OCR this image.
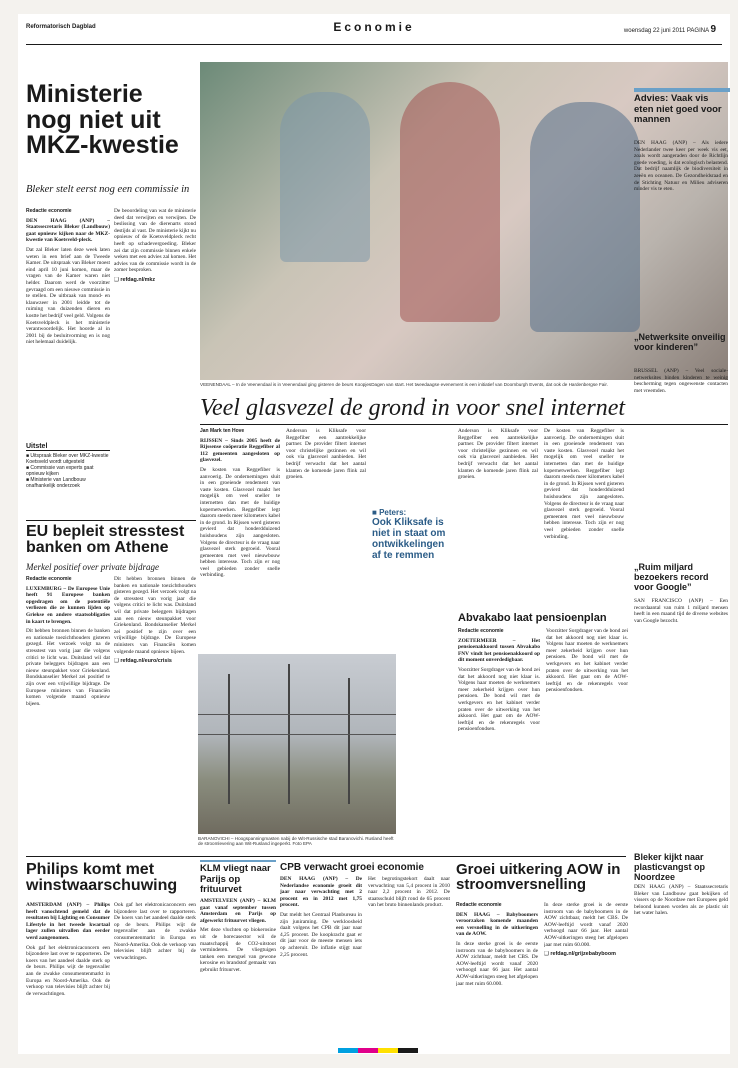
Reformatorisch Dagblad	Economie	woensdag 22 juni 2011 PAGINA 9
Ministerie nog niet uit MKZ-kwestie
Bleker stelt eerst nog een commissie in

Redactie economie

DEN HAAG (ANP) – Staatssecretaris Bleker (Landbouw) gaat opnieuw kijken naar de MKZ-kwestie van Koetsveld-pleck.

Dat zal Bleker laten deze week laten weten in een brief aan de Tweede Kamer. De uitspraak van Bleker moest eind april 10 juni komen, maar de vragen van de Kamer waren niet helder. Daarom werd de voorzitter gevraagd om een nieuwe commissie in te stellen. De uitbraak van mond- en klauwzeer in 2001 leidde tot de ruiming van duizenden dieren en kostte het bedrijf veel geld. Volgens de Koetsveldpleck is het ministerie verantwoordelijk. Het hoorde al in 2001 bij de besluitvorming en is nog niet helemaal duidelijk.

Uitstel
■ Uitspraak Bleker over MKZ-kwestie Koetsveld wordt uitgesteld
■ Commissie van experts gaat opnieuw kijken
■ Ministerie van Landbouw onafhankelijk onderzoek

De beoordeling van wat de ministerie deed dat verwijten en verwijten. De beslissing van de dierenarts stond destijds al vast. De ministerie kijkt nu opnieuw of de Koetsveldpleck recht heeft op schadevergoeding. Bleker zei dat zijn commissie binnen enkele weken met een advies zal komen. Het advies van de commissie wordt in de zomer besproken.

❑ refdag.nl/mkz

VEENENDAAL – In de Veenendaal is in Veenendaal ging gisteren de beurs KoopjesDagen van start. Het tweedaagse evenement is een initiatief van Doornburgh Events, dat ook de Hardenbergse Fair.
Veel glasvezel de grond in voor snel internet

Jan Mark ten Hove

RIJSSEN – Sinds 2005 heeft de Rijssense coöperatie Reggefiber al 112 gemeenten aangesloten op glasvezel.

De kosten van Reggefiber is aanvoerig. De ondernemingen sluit in een groeiende rendement van vaste kosten. Glasvezel maakt het mogelijk om veel sneller te internetten dan met de huidige kopernetwerken. Reggefiber legt daarom steeds meer kilometers kabel in de grond. In Rijssen werd gisteren gevierd dat honderdduizend huishoudens zijn aangesloten. Volgens de directeur is de vraag naar glasvezel sterk gegroeid. Vooral gemeenten met veel nieuwbouw hebben interesse. Toch zijn er nog veel gebieden zonder snelle verbinding.

Anderson is Kliksafe voor Reggefiber een aantrekkelijke partner. De provider filtert internet voor christelijke gezinnen en wil ook via glasvezel aanbieden. Het bedrijf verwacht dat het aantal klanten de komende jaren flink zal groeien.

■ Peters:
Ook Kliksafe is niet in staat om ontwikkelingen af te remmen

Anderson is Kliksafe voor Reggefiber een aantrekkelijke partner. De provider filtert internet voor christelijke gezinnen en wil ook via glasvezel aanbieden. Het bedrijf verwacht dat het aantal klanten de komende jaren flink zal groeien.

De kosten van Reggefiber is aanvoerig. De ondernemingen sluit in een groeiende rendement van vaste kosten. Glasvezel maakt het mogelijk om veel sneller te internetten dan met de huidige kopernetwerken. Reggefiber legt daarom steeds meer kilometers kabel in de grond. In Rijssen werd gisteren gevierd dat honderdduizend huishoudens zijn aangesloten. Volgens de directeur is de vraag naar glasvezel sterk gegroeid. Vooral gemeenten met veel nieuwbouw hebben interesse. Toch zijn er nog veel gebieden zonder snelle verbinding.

Abvakabo laat pensioenplan

Redactie economie

ZOETERMEER – Het pensioenakkoord tussen Abvakabo FNV vindt het pensioenakkoord op dit moment onverdedigbaar.

Voorzitter Sorgdrager van de bond zei dat het akkoord nog niet klaar is. Volgens haar moeten de werknemers meer zekerheid krijgen over hun pensioen. De bond wil met de werkgevers en het kabinet verder praten over de uitwerking van het akkoord. Het gaat om de AOW-leeftijd en de rekenregels voor pensioenfondsen.

Voorzitter Sorgdrager van de bond zei dat het akkoord nog niet klaar is. Volgens haar moeten de werknemers meer zekerheid krijgen over hun pensioen. De bond wil met de werkgevers en het kabinet verder praten over de uitwerking van het akkoord. Het gaat om de AOW-leeftijd en de rekenregels voor pensioenfondsen.

BARANOVICHI – Hoogspanningmasten nabij de Wit-Russische stad Baranovichi. Rusland heeft de stroomlevering aan Wit-Rusland ingeperkt. Foto EPA
EU bepleit stresstest banken om Athene
Merkel positief over private bijdrage

Redactie economie

LUXEMBURG – De Europese Unie heeft 91 Europese banken opgedragen om de potentiële verliezen die ze kunnen lijden op Griekse en andere staatsobligaties in kaart te brengen.

Dit hebben bronnen binnen de banken en nationale toezichthouders gisteren gezegd. Het verzoek volgt na de stresstest van vorig jaar die volgens critici te licht was. Duitsland wil dat private beleggers bijdragen aan een nieuw steunpakket voor Griekenland. Bondskanselier Merkel zei positief te zijn over een vrijwillige bijdrage. De Europese ministers van Financiën komen volgende maand opnieuw bijeen.

Dit hebben bronnen binnen de banken en nationale toezichthouders gisteren gezegd. Het verzoek volgt na de stresstest van vorig jaar die volgens critici te licht was. Duitsland wil dat private beleggers bijdragen aan een nieuw steunpakket voor Griekenland. Bondskanselier Merkel zei positief te zijn over een vrijwillige bijdrage. De Europese ministers van Financiën komen volgende maand opnieuw bijeen.

❑ refdag.nl/euro/crisis

Advies: Vaak vis eten niet goed voor mannen

DEN HAAG (ANP) – Als iedere Nederlander twee keer per week vis eet, zoals wordt aangeraden door de Richtlijn goede voeding, is dat ecologisch belastend. Dat bedrijf naamlijk de biodiversiteit in zeeën en oceanen. De Gezondheidsraad en de Stichting Natuur en Milieu adviseren minder vis te eten.

„Netwerksite onveilig voor kinderen”

BRUSSEL (ANP) – Veel sociale-netwerksites binden kinderen te weinig bescherming tegen ongewenste contacten met vreemden.

„Ruim miljard bezoekers record voor Google”

SAN FRANCISCO (ANP) – Een recordaantal van ruim 1 miljard mensen heeft in een maand tijd de diverse websites van Google bezocht.

Bleker kijkt naar plasticvangst op Noordzee

DEN HAAG (ANP) – Staatssecretaris Bleker van Landbouw gaat bekijken of vissers op de Noordzee met Europees geld beloond kunnen worden als ze plastic uit het water halen.

Philips komt met winstwaarschuwing

AMSTERDAM (ANP) – Philips heeft vanochtend gemeld dat de resultaten bij Lighting en Consumer Lifestyle in het tweede kwartaal lager zullen uitvallen dan eerder werd aangenomen.

Ook gaf het elektronicaconcern een bijzondere last over te rapporteren. De koers van het aandeel daalde sterk op de beurs. Philips wijt de tegenvaller aan de zwakke consumentenmarkt in Europa en Noord-Amerika. Ook de verkoop van televisies blijft achter bij de verwachtingen.

Ook gaf het elektronicaconcern een bijzondere last over te rapporteren. De koers van het aandeel daalde sterk op de beurs. Philips wijt de tegenvaller aan de zwakke consumentenmarkt in Europa en Noord-Amerika. Ook de verkoop van televisies blijft achter bij de verwachtingen.

KLM vliegt naar Parijs op frituurvet

AMSTELVEEN (ANP) – KLM gaat vanaf september tussen Amsterdam en Parijs op afgewerkt frituurvet vliegen.

Met deze vluchten op biokerosine uit de horecasector wil de maatschappij de CO2-uitstoot verminderen. De vliegtuigen tanken een mengsel van gewone kerosine en brandstof gemaakt van gebruikt frituurvet.

CPB verwacht groei economie

DEN HAAG (ANP) – De Nederlandse economie groeit dit jaar naar verwachting met 2 procent en in 2012 met 1,75 procent.

Dat meldt het Centraal Planbureau in zijn juniraming. De werkloosheid daalt volgens het CPB dit jaar naar 4,25 procent. De koopkracht gaat er dit jaar voor de meeste mensen iets op achteruit. De inflatie stijgt naar 2,25 procent.

Het begrotingstekort daalt naar verwachting van 5,4 procent in 2010 naar 2,2 procent in 2012. De staatsschuld blijft rond de 65 procent van het bruto binnenlands product.

Groei uitkering AOW in stroomversnelling

Redactie economie

DEN HAAG – Babyboomers veroorzaken komende maanden een versnelling in de uitkeringen van de AOW.

In deze sterke groei is de eerste instroom van de babyboomers in de AOW zichtbaar, meldt het CBS. De AOW-leeftijd wordt vanaf 2020 verhoogd naar 66 jaar. Het aantal AOW-uitkeringen steeg het afgelopen jaar met ruim 60.000.

In deze sterke groei is de eerste instroom van de babyboomers in de AOW zichtbaar, meldt het CBS. De AOW-leeftijd wordt vanaf 2020 verhoogd naar 66 jaar. Het aantal AOW-uitkeringen steeg het afgelopen jaar met ruim 60.000.

❑ refdag.nl/grijzebabyboom
